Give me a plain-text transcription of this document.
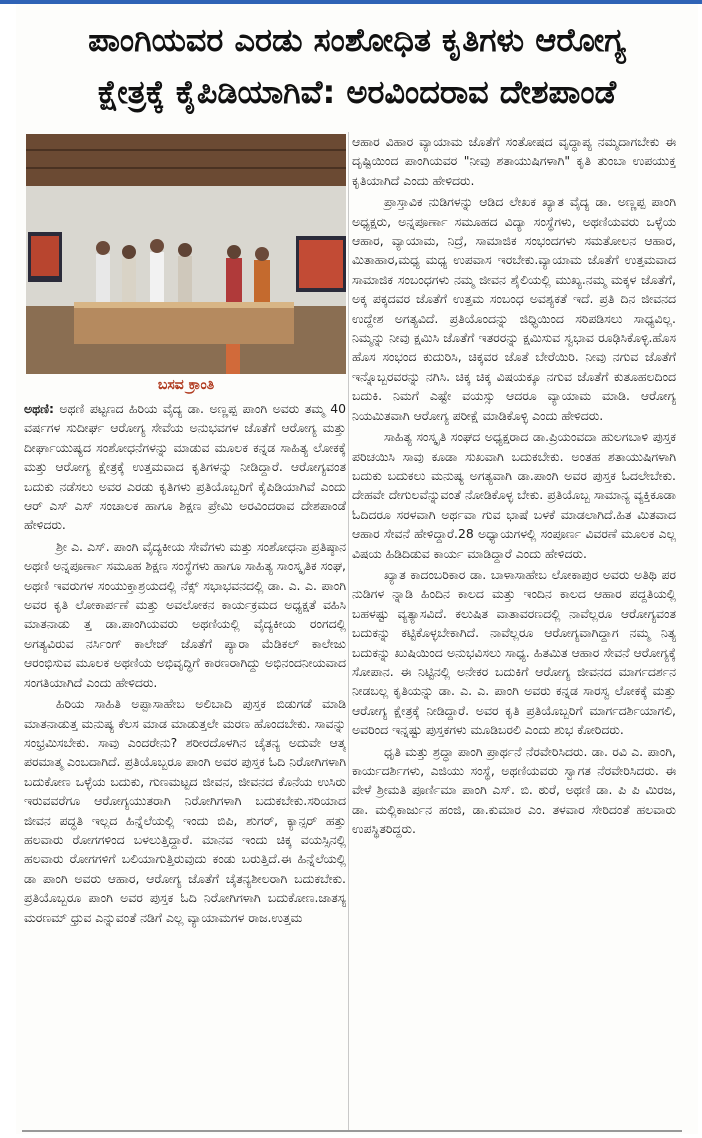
ಪಾಂಗಿಯವರ ಎರಡು ಸಂಶೋಧಿತ ಕೃತಿಗಳು ಆರೋಗ್ಯ
ಕ್ಷೇತ್ರಕ್ಕೆ ಕೈಪಿಡಿಯಾಗಿವೆ: ಅರವಿಂದರಾವ ದೇಶಪಾಂಡೆ
ಬಸವ ಕ್ರಾಂತಿ

ಅಥಣಿ: ಅಥಣಿ ಪಟ್ಟಣದ ಹಿರಿಯ ವೈದ್ಯ ಡಾ. ಅಣ್ಣಪ್ಪ ಪಾಂಗಿ ಅವರು ತಮ್ಮ 40 ವರ್ಷಗಳ ಸುದೀರ್ಘ ಆರೋಗ್ಯ ಸೇವೆಯ ಅನುಭವಗಳ ಜೊತೆಗೆ ಆರೋಗ್ಯ ಮತ್ತು ದೀರ್ಘಾಯುಷ್ಯದ ಸಂಶೋಧನೆಗಳನ್ನು ಮಾಡುವ ಮೂಲಕ ಕನ್ನಡ ಸಾಹಿತ್ಯ ಲೋಕಕ್ಕೆ ಮತ್ತು ಆರೋಗ್ಯ ಕ್ಷೇತ್ರಕ್ಕೆ ಉತ್ತಮವಾದ ಕೃತಿಗಳನ್ನು ನೀಡಿದ್ದಾರೆ. ಆರೋಗ್ಯವಂತ ಬದುಕು ನಡೆಸಲು ಅವರ ಎರಡು ಕೃತಿಗಳು ಪ್ರತಿಯೊಬ್ಬರಿಗೆ ಕೈಪಿಡಿಯಾಗಿವೆ ಎಂದು ಆರ್ ಎಸ್ ಎಸ್ ಸಂಚಾಲಕ ಹಾಗೂ ಶಿಕ್ಷಣ ಪ್ರೇಮಿ ಅರವಿಂದರಾವ ದೇಶಪಾಂಡೆ ಹೇಳಿದರು.

ಶ್ರೀ ಎ. ಎಸ್. ಪಾಂಗಿ ವೈದ್ಯಕೀಯ ಸೇವೆಗಳು ಮತ್ತು ಸಂಶೋಧನಾ ಪ್ರತಿಷ್ಠಾನ ಅಥಣಿ ಅನ್ನಪೂರ್ಣಾ ಸಮೂಹ ಶಿಕ್ಷಣ ಸಂಸ್ಥೆಗಳು ಹಾಗೂ ಸಾಹಿತ್ಯ ಸಾಂಸ್ಕೃತಿಕ ಸಂಘ, ಅಥಣಿ ಇವರುಗಳ ಸಂಯುಕ್ತಾಶ್ರಯದಲ್ಲಿ ನೆಕ್ಸ್ ಸಭಾಭವನದಲ್ಲಿ ಡಾ. ಎ. ಎ. ಪಾಂಗಿ ಅವರ ಕೃತಿ ಲೋಕಾರ್ಪಣೆ ಮತ್ತು ಅವಲೋಕನ ಕಾರ್ಯಕ್ರಮದ ಅಧ್ಯಕ್ಷತೆ ವಹಿಸಿ ಮಾತನಾಡು ತ್ತ ಡಾ.ಪಾಂಗಿಯವರು ಅಥಣಿಯಲ್ಲಿ ವೈದ್ಯಕೀಯ ರಂಗದಲ್ಲಿ ಅಗತ್ಯವಿರುವ ನರ್ಸಿಂಗ್ ಕಾಲೇಜ್ ಜೊತೆಗೆ ಪ್ಯಾರಾ ಮೆಡಿಕಲ್ ಕಾಲೇಜು ಆರಂಭಿಸುವ ಮೂಲಕ ಅಥಣಿಯ ಅಭಿವೃದ್ಧಿಗೆ ಕಾರಣರಾಗಿದ್ದು ಅಭಿನಂದನೀಯವಾದ ಸಂಗತಿಯಾಗಿದೆ ಎಂದು ಹೇಳಿದರು.

ಹಿರಿಯ ಸಾಹಿತಿ ಅಪ್ಪಾಸಾಹೇಬ ಅಲಿಬಾದಿ ಪುಸ್ತಕ ಬಿಡುಗಡೆ ಮಾಡಿ ಮಾತನಾಡುತ್ತ ಮನುಷ್ಯ ಕೆಲಸ ಮಾಡ ಮಾಡುತ್ತಲೇ ಮರಣ ಹೊಂದಬೇಕು. ಸಾವನ್ನು ಸಂಭ್ರಮಿಸಬೇಕು. ಸಾವು ಎಂದರೇನು? ಶರೀರದೊಳಗಿನ ಚೈತನ್ಯ ಅದುವೇ ಆತ್ಮ ಪರಮಾತ್ಮ ಎಂಬದಾಗಿದೆ. ಪ್ರತಿಯೊಬ್ಬರೂ ಪಾಂಗಿ ಅವರ ಪುಸ್ತಕ ಓದಿ ನಿರೋಗಿಗಳಾಗಿ ಬದುಕೋಣ ಒಳ್ಳೆಯ ಬದುಕು, ಗುಣಮಟ್ಟದ ಜೀವನ, ಜೀವನದ ಕೊನೆಯ ಉಸಿರು ಇರುವವರೆಗೂ ಆರೋಗ್ಯಯುತರಾಗಿ ನಿರೋಗಿಗಳಾಗಿ ಬದುಕಬೇಕು.ಸರಿಯಾದ ಜೀವನ ಪದ್ಧತಿ ಇಲ್ಲದ ಹಿನ್ನೆಲೆಯಲ್ಲಿ ಇಂದು ಬಿಪಿ, ಶುಗರ್, ಕ್ಯಾನ್ಸರ್ ಹತ್ತು ಹಲವಾರು ರೋಗಗಳಿಂದ ಬಳಲುತ್ತಿದ್ದಾರೆ. ಮಾನವ ಇಂದು ಚಿಕ್ಕ ವಯಸ್ಸಿನಲ್ಲಿ ಹಲವಾರು ರೋಗಗಳಿಗೆ ಬಲಿಯಾಗುತ್ತಿರುವುದು ಕಂಡು ಬರುತ್ತಿದೆ.ಈ ಹಿನ್ನೆಲೆಯಲ್ಲಿ ಡಾ ಪಾಂಗಿ ಅವರು ಆಹಾರ, ಆರೋಗ್ಯ ಜೊತೆಗೆ ಚೈತನ್ಯಶೀಲರಾಗಿ ಬದುಕಬೇಕು. ಪ್ರತಿಯೊಬ್ಬರೂ ಪಾಂಗಿ ಅವರ ಪುಸ್ತಕ ಓದಿ ನಿರೋಗಿಗಳಾಗಿ ಬದುಕೋಣ.ಜಾತಸ್ಯ ಮರಣಮ್ ಧ್ರುವ ಎನ್ನುವಂತೆ ನಡಿಗೆ ಎಲ್ಲ ವ್ಯಾಯಾಮಗಳ ರಾಜ.ಉತ್ತಮ

ಆಹಾರ ವಿಹಾರ ವ್ಯಾಯಾಮ ಜೊತೆಗೆ ಸಂತೋಷದ ವೃದ್ಧಾಪ್ಯ ನಮ್ಮದಾಗಬೇಕು ಈ ದೃಷ್ಟಿಯಿಂದ ಪಾಂಗಿಯವರ "ನೀವು ಶತಾಯುಷಿಗಳಾಗಿ" ಕೃತಿ ತುಂಬಾ ಉಪಯುಕ್ತ ಕೃತಿಯಾಗಿದೆ ಎಂದು ಹೇಳಿದರು.

ಪ್ರಾಸ್ತಾವಿಕ ನುಡಿಗಳನ್ನು ಆಡಿದ ಲೇಖಕ ಖ್ಯಾತ ವೈದ್ಯ ಡಾ. ಅಣ್ಣಪ್ಪ ಪಾಂಗಿ ಅಧ್ಯಕ್ಷರು, ಅನ್ನಪೂರ್ಣಾ ಸಮೂಹದ ವಿದ್ಯಾ ಸಂಸ್ಥೆಗಳು, ಅಥಣಿಯವರು ಒಳ್ಳೆಯ ಆಹಾರ, ವ್ಯಾಯಾಮ, ನಿದ್ರೆ, ಸಾಮಾಜಿಕ ಸಂಭಂದಗಳು ಸಮತೋಲನ ಆಹಾರ, ಮಿತಾಹಾರ,ಮಧ್ಯ ಮಧ್ಯ ಉಪವಾಸ ಇರಬೇಕು.ವ್ಯಾಯಾಮ ಜೊತೆಗೆ ಉತ್ತಮವಾದ ಸಾಮಾಜಿಕ ಸಂಬಂಧಗಳು ನಮ್ಮ ಜೀವನ ಶೈಲಿಯಲ್ಲಿ ಮುಖ್ಯ.ನಮ್ಮ ಮಕ್ಕಳ ಜೊತೆಗೆ, ಅಕ್ಕ ಪಕ್ಕದವರ ಜೊತೆಗೆ ಉತ್ತಮ ಸಂಬಂಧ ಅವಶ್ಯಕತೆ ಇದೆ. ಪ್ರತಿ ದಿನ ಜೀವನದ ಉದ್ದೇಶ ಅಗತ್ಯವಿದೆ. ಪ್ರತಿಯೊಂದನ್ನು ಜಿಧ್ಧಿಯಿಂದ ಸರಿಪಡಿಸಲು ಸಾಧ್ಯವಿಲ್ಲ. ನಿಮ್ಮನ್ನು ನೀವು ಕ್ಷಮಿಸಿ ಜೊತೆಗೆ ಇತರರನ್ನು ಕ್ಷಮಿಸುವ ಸ್ವಭಾವ ರೂಢಿಸಿಕೊಳ್ಳಿ.ಹೊಸ ಹೊಸ ಸಂಭಂದ ಕುದುರಿಸಿ, ಚಿಕ್ಕವರ ಜೊತೆ ಬೇರೆಯಿರಿ. ನೀವು ನಗುವ ಜೊತೆಗೆ ಇನ್ನೊಬ್ಬರವರನ್ನು ನಗಿಸಿ. ಚಿಕ್ಕ ಚಿಕ್ಕ ವಿಷಯಕ್ಕೂ ನಗುವ ಜೊತೆಗೆ ಕುತೂಹಲದಿಂದ ಬದುಕಿ. ನಿಮಗೆ ಎಷ್ಟೇ ವಯಸ್ಸು ಆದರೂ ವ್ಯಾಯಾಮ ಮಾಡಿ. ಆರೋಗ್ಯ ನಿಯಮಿತವಾಗಿ ಆರೋಗ್ಯ ಪರೀಕ್ಷೆ ಮಾಡಿಕೊಳ್ಳಿ ಎಂದು ಹೇಳಿದರು.

ಸಾಹಿತ್ಯ ಸಂಸ್ಕೃತಿ ಸಂಘದ ಅಧ್ಯಕ್ಷರಾದ ಡಾ.ಪ್ರಿಯಂವದಾ ಹುಲಗಬಾಳಿ ಪುಸ್ತಕ ಪರಿಚಯಿಸಿ ಸಾವು ಕೂಡಾ ಸುಖವಾಗಿ ಬದುಕಬೇಕು. ಅಂತಹ ಶತಾಯುಷಿಗಳಾಗಿ ಬದುಕು ಬದುಕಲು ಮನುಷ್ಯ ಅಗತ್ಯವಾಗಿ ಡಾ.ಪಾಂಗಿ ಅವರ ಪುಸ್ತಕ ಓದಲೇಬೇಕು. ದೇಹವೇ ದೇಗುಲವೆನ್ನುವಂತೆ ನೋಡಿಕೊಳ್ಳ ಬೇಕು. ಪ್ರತಿಯೊಬ್ಬ ಸಾಮಾನ್ಯ ವ್ಯಕ್ತಿಕೂಡಾ ಓದಿದರೂ ಸರಳವಾಗಿ ಅರ್ಥವಾ ಗುವ ಭಾಷೆ ಬಳಕೆ ಮಾಡಲಾಗಿದೆ.ಹಿತ ಮಿತವಾದ ಆಹಾರ ಸೇವನೆ ಹೇಳಿದ್ದಾರೆ.28 ಅಧ್ಯಾಯಗಳಲ್ಲಿ ಸಂಪೂರ್ಣ ವಿವರಣೆ ಮೂಲಕ ಎಲ್ಲ ವಿಷಯ ಹಿಡಿದಿಡುವ ಕಾರ್ಯ ಮಾಡಿದ್ದಾರೆ ಎಂದು ಹೇಳಿದರು.

ಖ್ಯಾತ ಕಾದಂಬರಿಕಾರ ಡಾ. ಬಾಳಾಸಾಹೇಬ ಲೋಕಾಪುರ ಅವರು ಅತಿಥಿ ಪರ ನುಡಿಗಳ ನ್ನಾಡಿ ಹಿಂದಿನ ಕಾಲದ ಮತ್ತು ಇಂದಿನ ಕಾಲದ ಆಹಾರ ಪದ್ದತಿಯಲ್ಲಿ ಬಹಳಷ್ಟು ವ್ಯತ್ಯಾಸವಿದೆ. ಕಲುಷಿತ ವಾತಾವರಣದಲ್ಲಿ ನಾವೆಲ್ಲರೂ ಆರೋಗ್ಯವಂತ ಬದುಕನ್ನು ಕಟ್ಟಿಕೊಳ್ಳಬೇಕಾಗಿದೆ. ನಾವೆಲ್ಲರೂ ಆರೋಗ್ಯವಾಗಿದ್ದಾಗ ನಮ್ಮ ನಿತ್ಯ ಬದುಕನ್ನು ಖುಷಿಯಿಂದ ಅನುಭವಿಸಲು ಸಾಧ್ಯ. ಹಿತಮಿತ ಆಹಾರ ಸೇವನೆ ಆರೋಗ್ಯಕ್ಕೆ ಸೋಪಾನ. ಈ ನಿಟ್ಟಿನಲ್ಲಿ ಅನೇಕರ ಬದುಕಿಗೆ ಆರೋಗ್ಯ ಜೀವನದ ಮಾರ್ಗದರ್ಶನ ನೀಡಬಲ್ಲ ಕೃತಿಯನ್ನು ಡಾ. ಎ. ಎ. ಪಾಂಗಿ ಅವರು ಕನ್ನಡ ಸಾರಸ್ವ ಲೋಕಕ್ಕೆ ಮತ್ತು ಆರೋಗ್ಯ ಕ್ಷೇತ್ರಕ್ಕೆ ನೀಡಿದ್ದಾರೆ. ಅವರ ಕೃತಿ ಪ್ರತಿಯೊಬ್ಬರಿಗೆ ಮಾರ್ಗದರ್ಶಿಯಾಗಲಿ, ಅವರಿಂದ ಇನ್ನಷ್ಟು ಪುಸ್ತಕಗಳು ಮೂಡಿಬರಲಿ ಎಂದು ಶುಭ ಕೋರಿದರು.

ಧೃತಿ ಮತ್ತು ಶ್ರದ್ಧಾ ಪಾಂಗಿ ಪ್ರಾರ್ಥನೆ ನೆರವೇರಿಸಿದರು. ಡಾ. ರವಿ ಎ. ಪಾಂಗಿ, ಕಾರ್ಯದರ್ಶಿಗಳು, ಎಜಿಯು ಸಂಸ್ಥೆ, ಅಥಣಿಯವರು ಸ್ವಾಗತ ನೆರವೇರಿಸಿದರು. ಈ ವೇಳೆ ಶ್ರೀಮತಿ ಪೂರ್ಣಿಮಾ ಪಾಂಗಿ ಎಸ್. ಬಿ. ಠುರೆ, ಅಥಣಿ ಡಾ. ಪಿ ಪಿ ಮಿರಜ, ಡಾ. ಮಲ್ಲಿಕಾರ್ಜುನ ಹಂಜಿ, ಡಾ.ಕುಮಾರ ಎಂ. ತಳವಾರ ಸೇರಿದಂತೆ ಹಲವಾರು ಉಪಸ್ಥಿತರಿದ್ದರು.
